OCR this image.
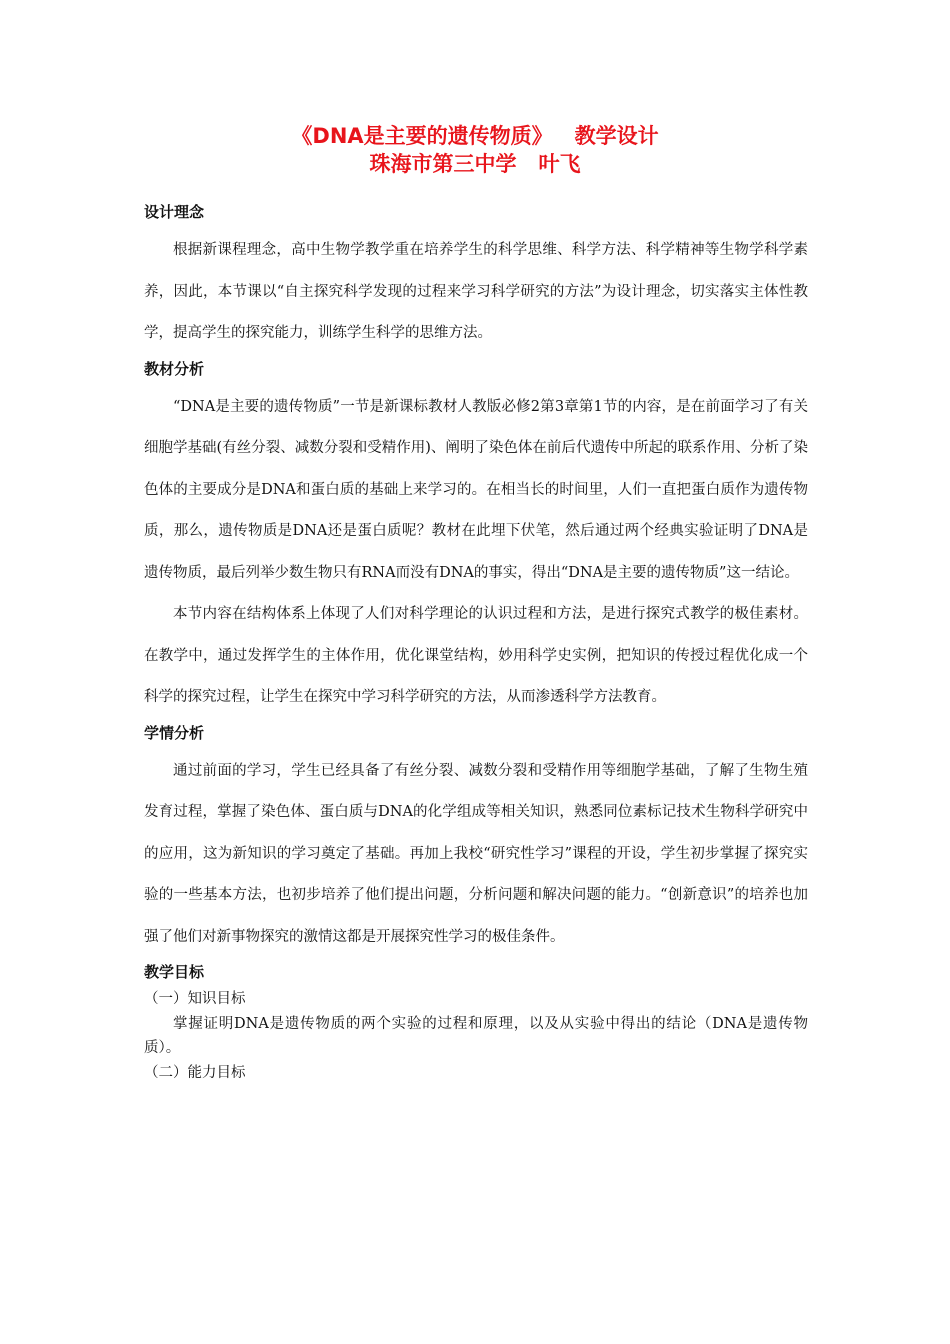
《DNA是主要的遗传物质》   教学设计
珠海市第三中学   叶飞

设计理念

根据新课程理念，高中生物学教学重在培养学生的科学思维、科学方法、科学精神等生物学科学素养，因此，本节课以“自主探究科学发现的过程来学习科学研究的方法”为设计理念，切实落实主体性教学，提高学生的探究能力，训练学生科学的思维方法。

教材分析

“DNA是主要的遗传物质”一节是新课标教材人教版必修2第3章第1节的内容，是在前面学习了有关细胞学基础(有丝分裂、减数分裂和受精作用)、阐明了染色体在前后代遗传中所起的联系作用、分析了染色体的主要成分是DNA和蛋白质的基础上来学习的。在相当长的时间里，人们一直把蛋白质作为遗传物质，那么，遗传物质是DNA还是蛋白质呢？教材在此埋下伏笔，然后通过两个经典实验证明了DNA是遗传物质，最后列举少数生物只有RNA而没有DNA的事实，得出“DNA是主要的遗传物质”这一结论。

本节内容在结构体系上体现了人们对科学理论的认识过程和方法，是进行探究式教学的极佳素材。在教学中，通过发挥学生的主体作用，优化课堂结构，妙用科学史实例，把知识的传授过程优化成一个科学的探究过程，让学生在探究中学习科学研究的方法，从而渗透科学方法教育。

学情分析

通过前面的学习，学生已经具备了有丝分裂、减数分裂和受精作用等细胞学基础，了解了生物生殖发育过程，掌握了染色体、蛋白质与DNA的化学组成等相关知识，熟悉同位素标记技术生物科学研究中的应用，这为新知识的学习奠定了基础。再加上我校“研究性学习”课程的开设，学生初步掌握了探究实验的一些基本方法，也初步培养了他们提出问题，分析问题和解决问题的能力。“创新意识”的培养也加强了他们对新事物探究的激情这都是开展探究性学习的极佳条件。

教学目标

（一）知识目标

掌握证明DNA是遗传物质的两个实验的过程和原理，以及从实验中得出的结论（DNA是遗传物质）。

（二）能力目标
